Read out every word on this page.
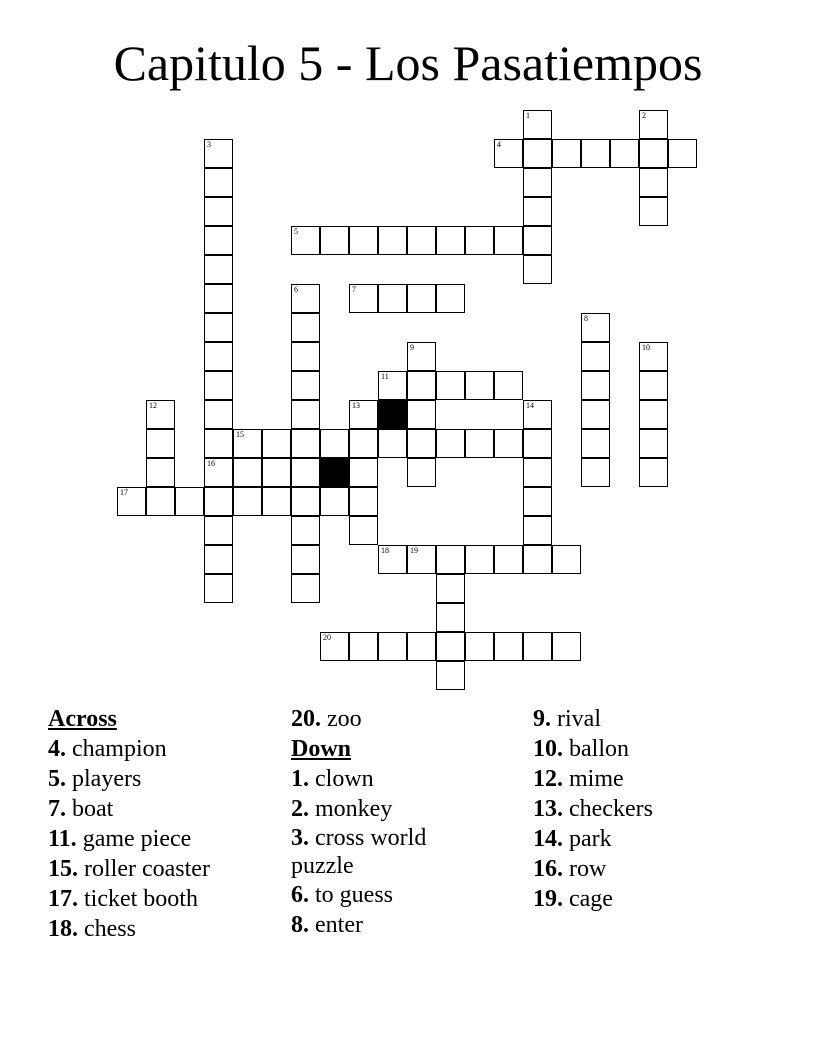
Capitulo 5 - Los Pasatiempos
1	2
3	4
5
6	7
8
9	10
11
12	13	14
15
16
17
18	19
20
Across
4. champion
5. players
7. boat
11. game piece
15. roller coaster
17. ticket booth
18. chess
20. zoo
Down
1. clown
2. monkey
3. cross world puzzle
6. to guess
8. enter
9. rival
10. ballon
12. mime
13. checkers
14. park
16. row
19. cage
